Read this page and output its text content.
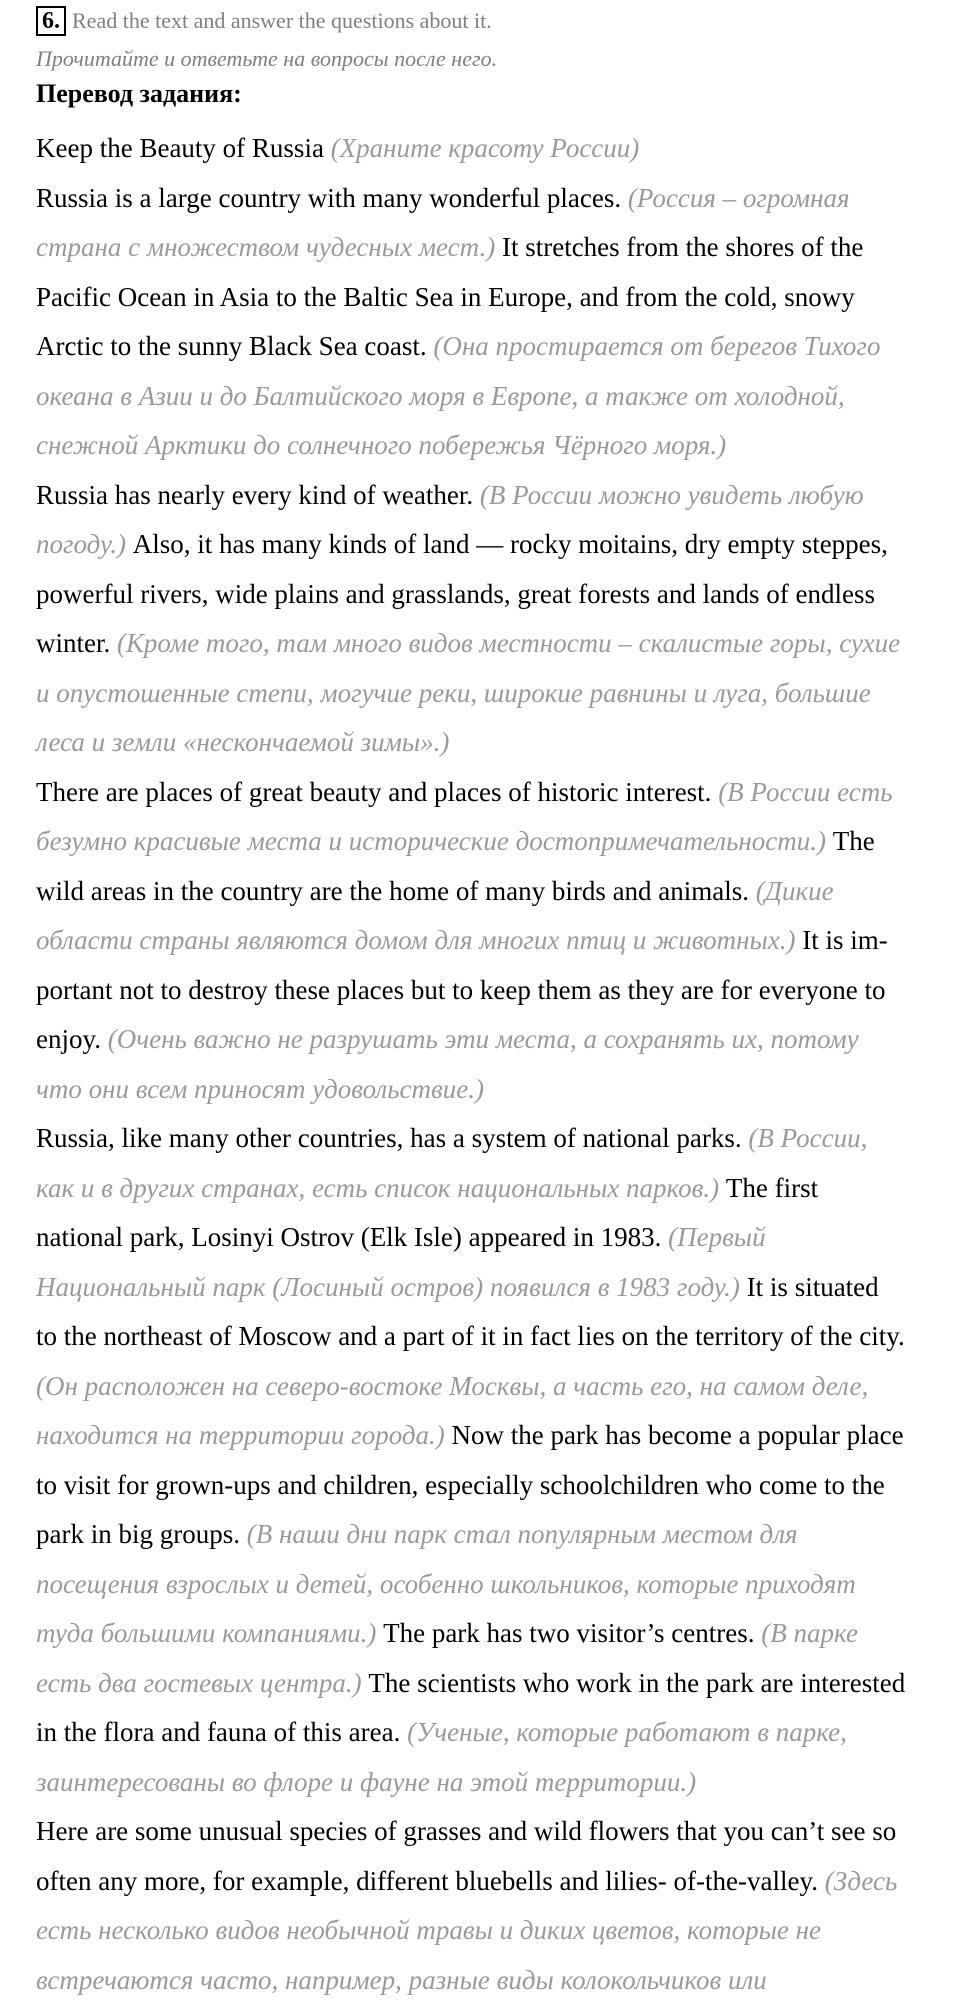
6. Read the text and answer the questions about it.
Прочитайте и ответьте на вопросы после него.
Перевод задания:
Keep the Beauty of Russia (Храните красоту России)
Russia is a large country with many wonderful places. (Россия – огромная
страна с множеством чудесных мест.) It stretches from the shores of the
Pacific Ocean in Asia to the Baltic Sea in Europe, and from the cold, snowy
Arctic to the sunny Black Sea coast. (Она простирается от берегов Тихого
океана в Азии и до Балтийского моря в Европе, а также от холодной,
снежной Арктики до солнечного побережья Чёрного моря.)
Russia has nearly every kind of weather. (В России можно увидеть любую
погоду.) Also, it has many kinds of land — rocky moitains, dry empty steppes,
powerful rivers, wide plains and grasslands, great forests and lands of endless
winter. (Кроме того, там много видов местности – скалистые горы, сухие
и опустошенные степи, могучие реки, широкие равнины и луга, большие
леса и земли «нескончаемой зимы».)
There are places of great beauty and places of historic interest. (В России есть
безумно красивые места и исторические достопримечательности.) The
wild areas in the country are the home of many birds and animals. (Дикие
области страны являются домом для многих птиц и животных.) It is im-
portant not to destroy these places but to keep them as they are for everyone to
enjoy. (Очень важно не разрушать эти места, а сохранять их, потому
что они всем приносят удовольствие.)
Russia, like many other countries, has a system of national parks. (В России,
как и в других странах, есть список национальных парков.) The first
national park, Losinyi Ostrov (Elk Isle) appeared in 1983. (Первый
Национальный парк (Лосиный остров) появился в 1983 году.) It is situated
to the northeast of Moscow and a part of it in fact lies on the territory of the city.
(Он расположен на северо-востоке Москвы, а часть его, на самом деле,
находится на территории города.) Now the park has become a popular place
to visit for grown-ups and children, especially schoolchildren who come to the
park in big groups. (В наши дни парк стал популярным местом для
посещения взрослых и детей, особенно школьников, которые приходят
туда большими компаниями.) The park has two visitor’s centres. (В парке
есть два гостевых центра.) The scientists who work in the park are interested
in the flora and fauna of this area. (Ученые, которые работают в парке,
заинтересованы во флоре и фауне на этой территории.)
Here are some unusual species of grasses and wild flowers that you can’t see so
often any more, for example, different bluebells and lilies- of-the-valley. (Здесь
есть несколько видов необычной травы и диких цветов, которые не
встречаются часто, например, разные виды колокольчиков или
